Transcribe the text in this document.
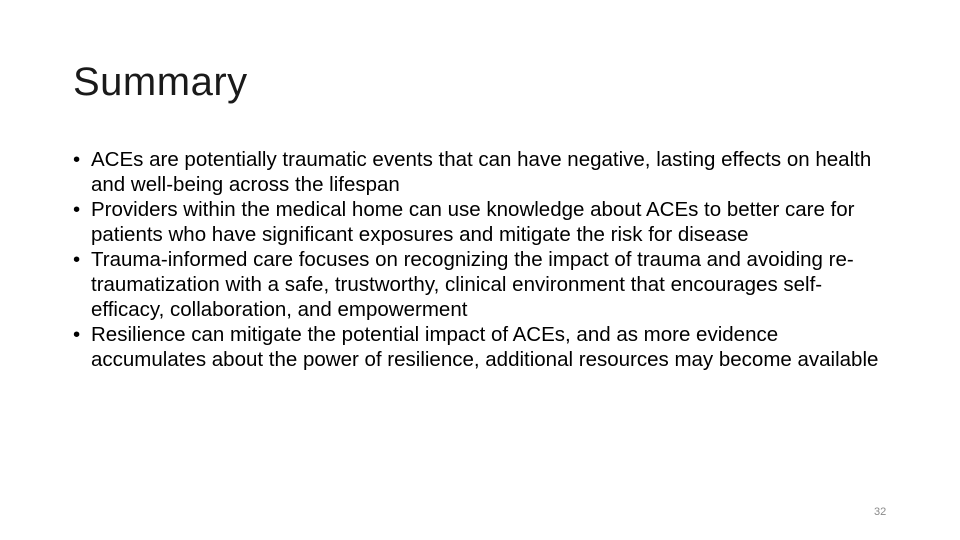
Summary
• ACEs are potentially traumatic events that can have negative, lasting effects on health and well-being across the lifespan
• Providers within the medical home can use knowledge about ACEs to better care for patients who have significant exposures and mitigate the risk for disease
• Trauma-informed care focuses on recognizing the impact of trauma and avoiding re-traumatization with a safe, trustworthy, clinical environment that encourages self-efficacy, collaboration, and empowerment
• Resilience can mitigate the potential impact of ACEs, and as more evidence accumulates about the power of resilience, additional resources may become available
32
